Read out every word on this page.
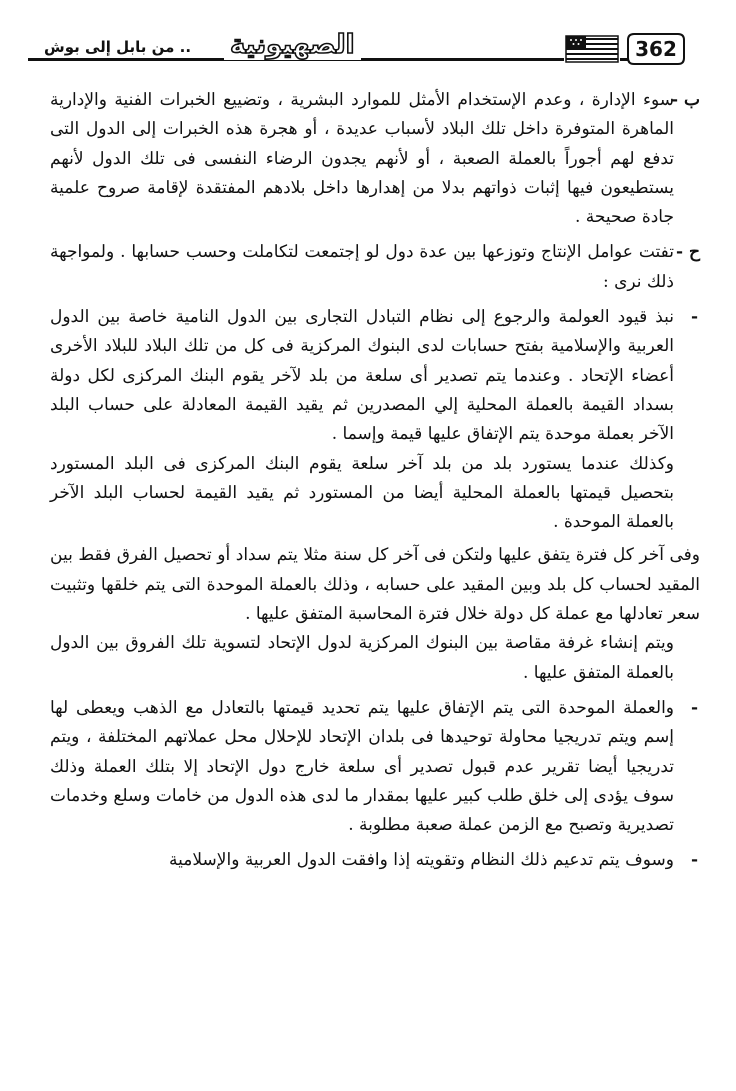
.. من بابل إلى بوش الصهيونية	362

ب -
سوء الإدارة ، وعدم الإستخدام الأمثل للموارد البشرية ، وتضييع الخبرات الفنية والإدارية الماهرة المتوفرة داخل تلك البلاد لأسباب عديدة ، أو هجرة هذه الخبرات إلى الدول التى تدفع لهم أجوراً بالعملة الصعبة ، أو لأنهم يجدون الرضاء النفسى فى تلك الدول لأنهم يستطيعون فيها إثبات ذواتهم بدلا من إهدارها داخل بلادهم المفتقدة لإقامة صروح علمية جادة صحيحة .

ح -
تفتت عوامل الإنتاج وتوزعها بين عدة دول لو إجتمعت لتكاملت وحسب حسابها . ولمواجهة ذلك نرى :

-
نبذ قيود العولمة والرجوع إلى نظام التبادل التجارى بين الدول النامية خاصة بين الدول العربية والإسلامية بفتح حسابات لدى البنوك المركزية فى كل من تلك البلاد للبلاد الأخرى أعضاء الإتحاد . وعندما يتم تصدير أى سلعة من بلد لآخر يقوم البنك المركزى لكل دولة بسداد القيمة بالعملة المحلية إلي المصدرين ثم يقيد القيمة المعادلة على حساب البلد الآخر بعملة موحدة يتم الإتفاق عليها قيمة وإسما .

وكذلك عندما يستورد بلد من بلد آخر سلعة يقوم البنك المركزى فى البلد المستورد بتحصيل قيمتها بالعملة المحلية أيضا من المستورد ثم يقيد القيمة لحساب البلد الآخر بالعملة الموحدة .

وفى آخر كل فترة يتفق عليها ولتكن فى آخر كل سنة مثلا يتم سداد أو تحصيل الفرق فقط بين المقيد لحساب كل بلد وبين المقيد على حسابه ، وذلك بالعملة الموحدة التى يتم خلقها وتثبيت سعر تعادلها مع عملة كل دولة خلال فترة المحاسبة المتفق عليها .

ويتم إنشاء غرفة مقاصة بين البنوك المركزية لدول الإتحاد لتسوية تلك الفروق بين الدول بالعملة المتفق عليها .

-
والعملة الموحدة التى يتم الإتفاق عليها يتم تحديد قيمتها بالتعادل مع الذهب ويعطى لها إسم ويتم تدريجيا محاولة توحيدها فى بلدان الإتحاد للإحلال محل عملاتهم المختلفة ، ويتم تدريجيا أيضا تقرير عدم قبول تصدير أى سلعة خارج دول الإتحاد إلا بتلك العملة وذلك سوف يؤدى إلى خلق طلب كبير عليها بمقدار ما لدى هذه الدول من خامات وسلع وخدمات تصديرية وتصبح مع الزمن عملة صعبة مطلوبة .

-
وسوف يتم تدعيم ذلك النظام وتقويته إذا وافقت الدول العربية والإسلامية
